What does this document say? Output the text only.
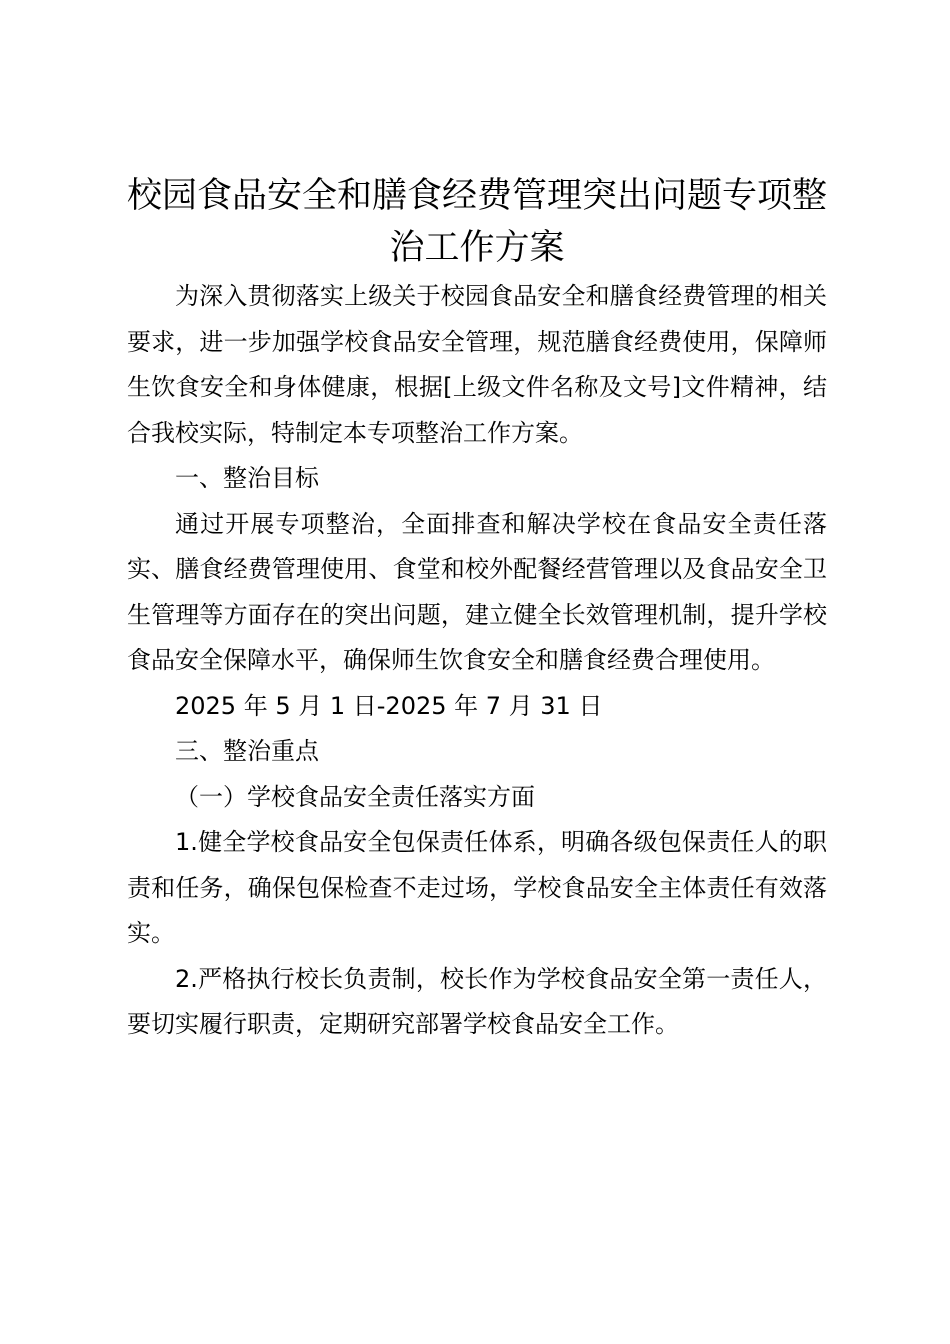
校园食品安全和膳食经费管理突出问题专项整治工作方案

为深入贯彻落实上级关于校园食品安全和膳食经费管理的相关要求，进一步加强学校食品安全管理，规范膳食经费使用，保障师生饮食安全和身体健康，根据[上级文件名称及文号]文件精神，结合我校实际，特制定本专项整治工作方案。

一、整治目标

通过开展专项整治，全面排查和解决学校在食品安全责任落实、膳食经费管理使用、食堂和校外配餐经营管理以及食品安全卫生管理等方面存在的突出问题，建立健全长效管理机制，提升学校食品安全保障水平，确保师生饮食安全和膳食经费合理使用。

2025 年 5 月 1 日-2025 年 7 月 31 日

三、整治重点

（一）学校食品安全责任落实方面

1.健全学校食品安全包保责任体系，明确各级包保责任人的职责和任务，确保包保检查不走过场，学校食品安全主体责任有效落实。

2.严格执行校长负责制，校长作为学校食品安全第一责任人，要切实履行职责，定期研究部署学校食品安全工作。
